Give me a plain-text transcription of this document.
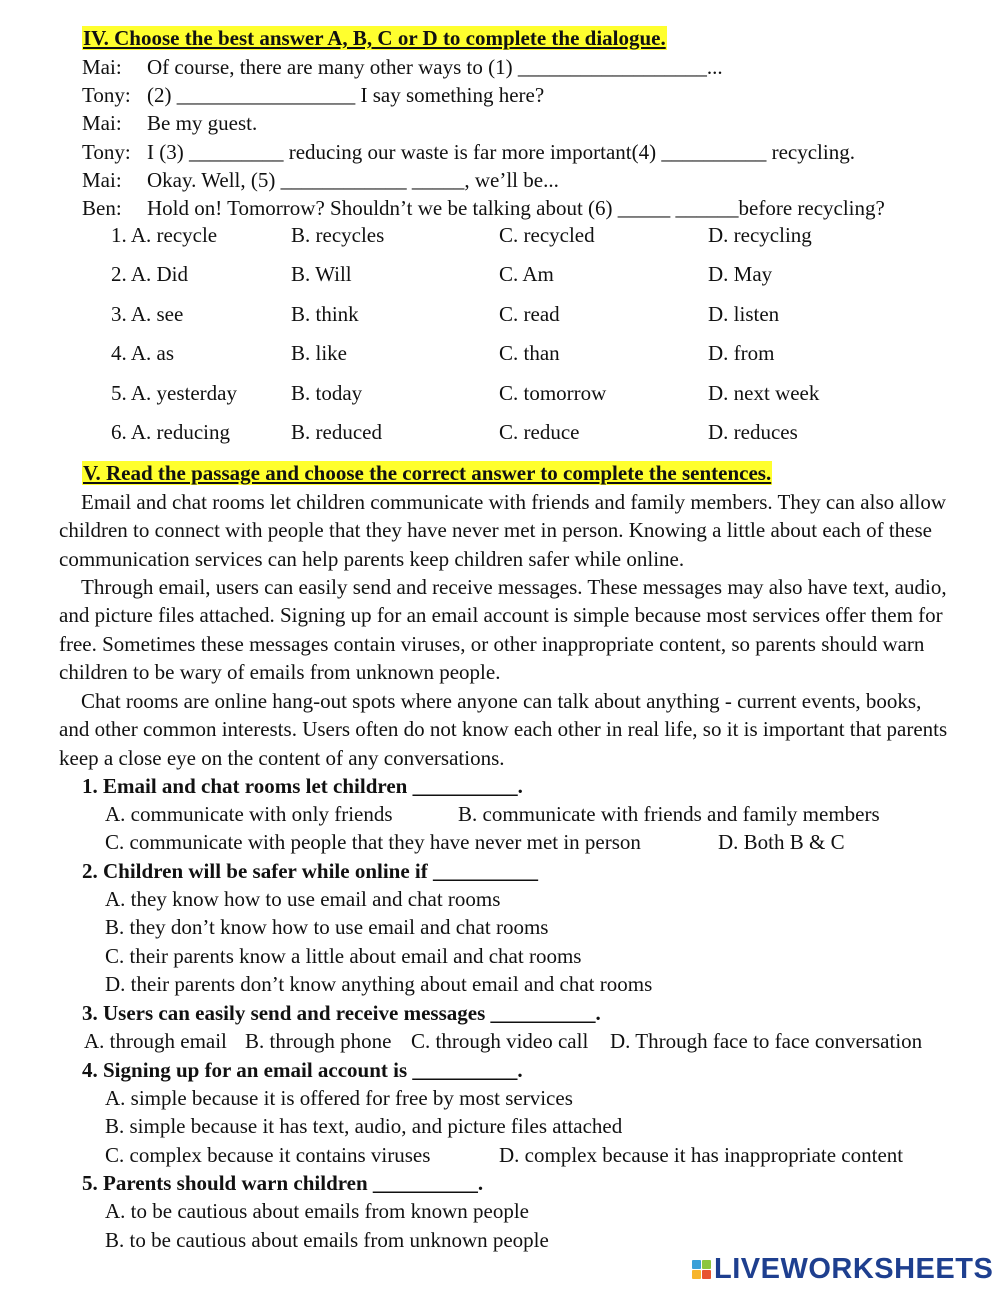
IV. Choose the best answer A, B, C or D to complete the dialogue.
Mai: Of course, there are many other ways to (1) __________________...
Tony: (2) _________________ I say something here?
Mai: Be my guest.
Tony: I (3) _________ reducing our waste is far more important(4) __________ recycling.
Mai: Okay. Well, (5) ____________ _____, we’ll be...
Ben: Hold on! Tomorrow? Shouldn’t we be talking about (6) _____ ______before recycling?
1. A. recycle	B. recycles	C. recycled	D. recycling
2. A. Did	B. Will	C. Am	D. May
3. A. see	B. think	C. read	D. listen
4. A. as	B. like	C. than	D. from
5. A. yesterday	B. today	C. tomorrow	D. next week
6. A. reducing	B. reduced	C. reduce	D. reduces
V. Read the passage and choose the correct answer to complete the sentences.
Email and chat rooms let children communicate with friends and family members. They can also allow children to connect with people that they have never met in person. Knowing a little about each of these communication services can help parents keep children safer while online.
Through email, users can easily send and receive messages. These messages may also have text, audio, and picture files attached. Signing up for an email account is simple because most services offer them for free. Sometimes these messages contain viruses, or other inappropriate content, so parents should warn children to be wary of emails from unknown people.
Chat rooms are online hang-out spots where anyone can talk about anything - current events, books, and other common interests. Users often do not know each other in real life, so it is important that parents keep a close eye on the content of any conversations.
1. Email and chat rooms let children __________.
A. communicate with only friends	B. communicate with friends and family members
C. communicate with people that they have never met in person	D. Both B & C
2. Children will be safer while online if __________
A. they know how to use email and chat rooms
B. they don’t know how to use email and chat rooms
C. their parents know a little about email and chat rooms
D. their parents don’t know anything about email and chat rooms
3. Users can easily send and receive messages __________.
A. through email B. through phone C. through video call D. Through face to face conversation
4. Signing up for an email account is __________.
A. simple because it is offered for free by most services
B. simple because it has text, audio, and picture files attached
C. complex because it contains viruses	D. complex because it has inappropriate content
5. Parents should warn children __________.
A. to be cautious about emails from known people
B. to be cautious about emails from unknown people
LIVEWORKSHEETS
